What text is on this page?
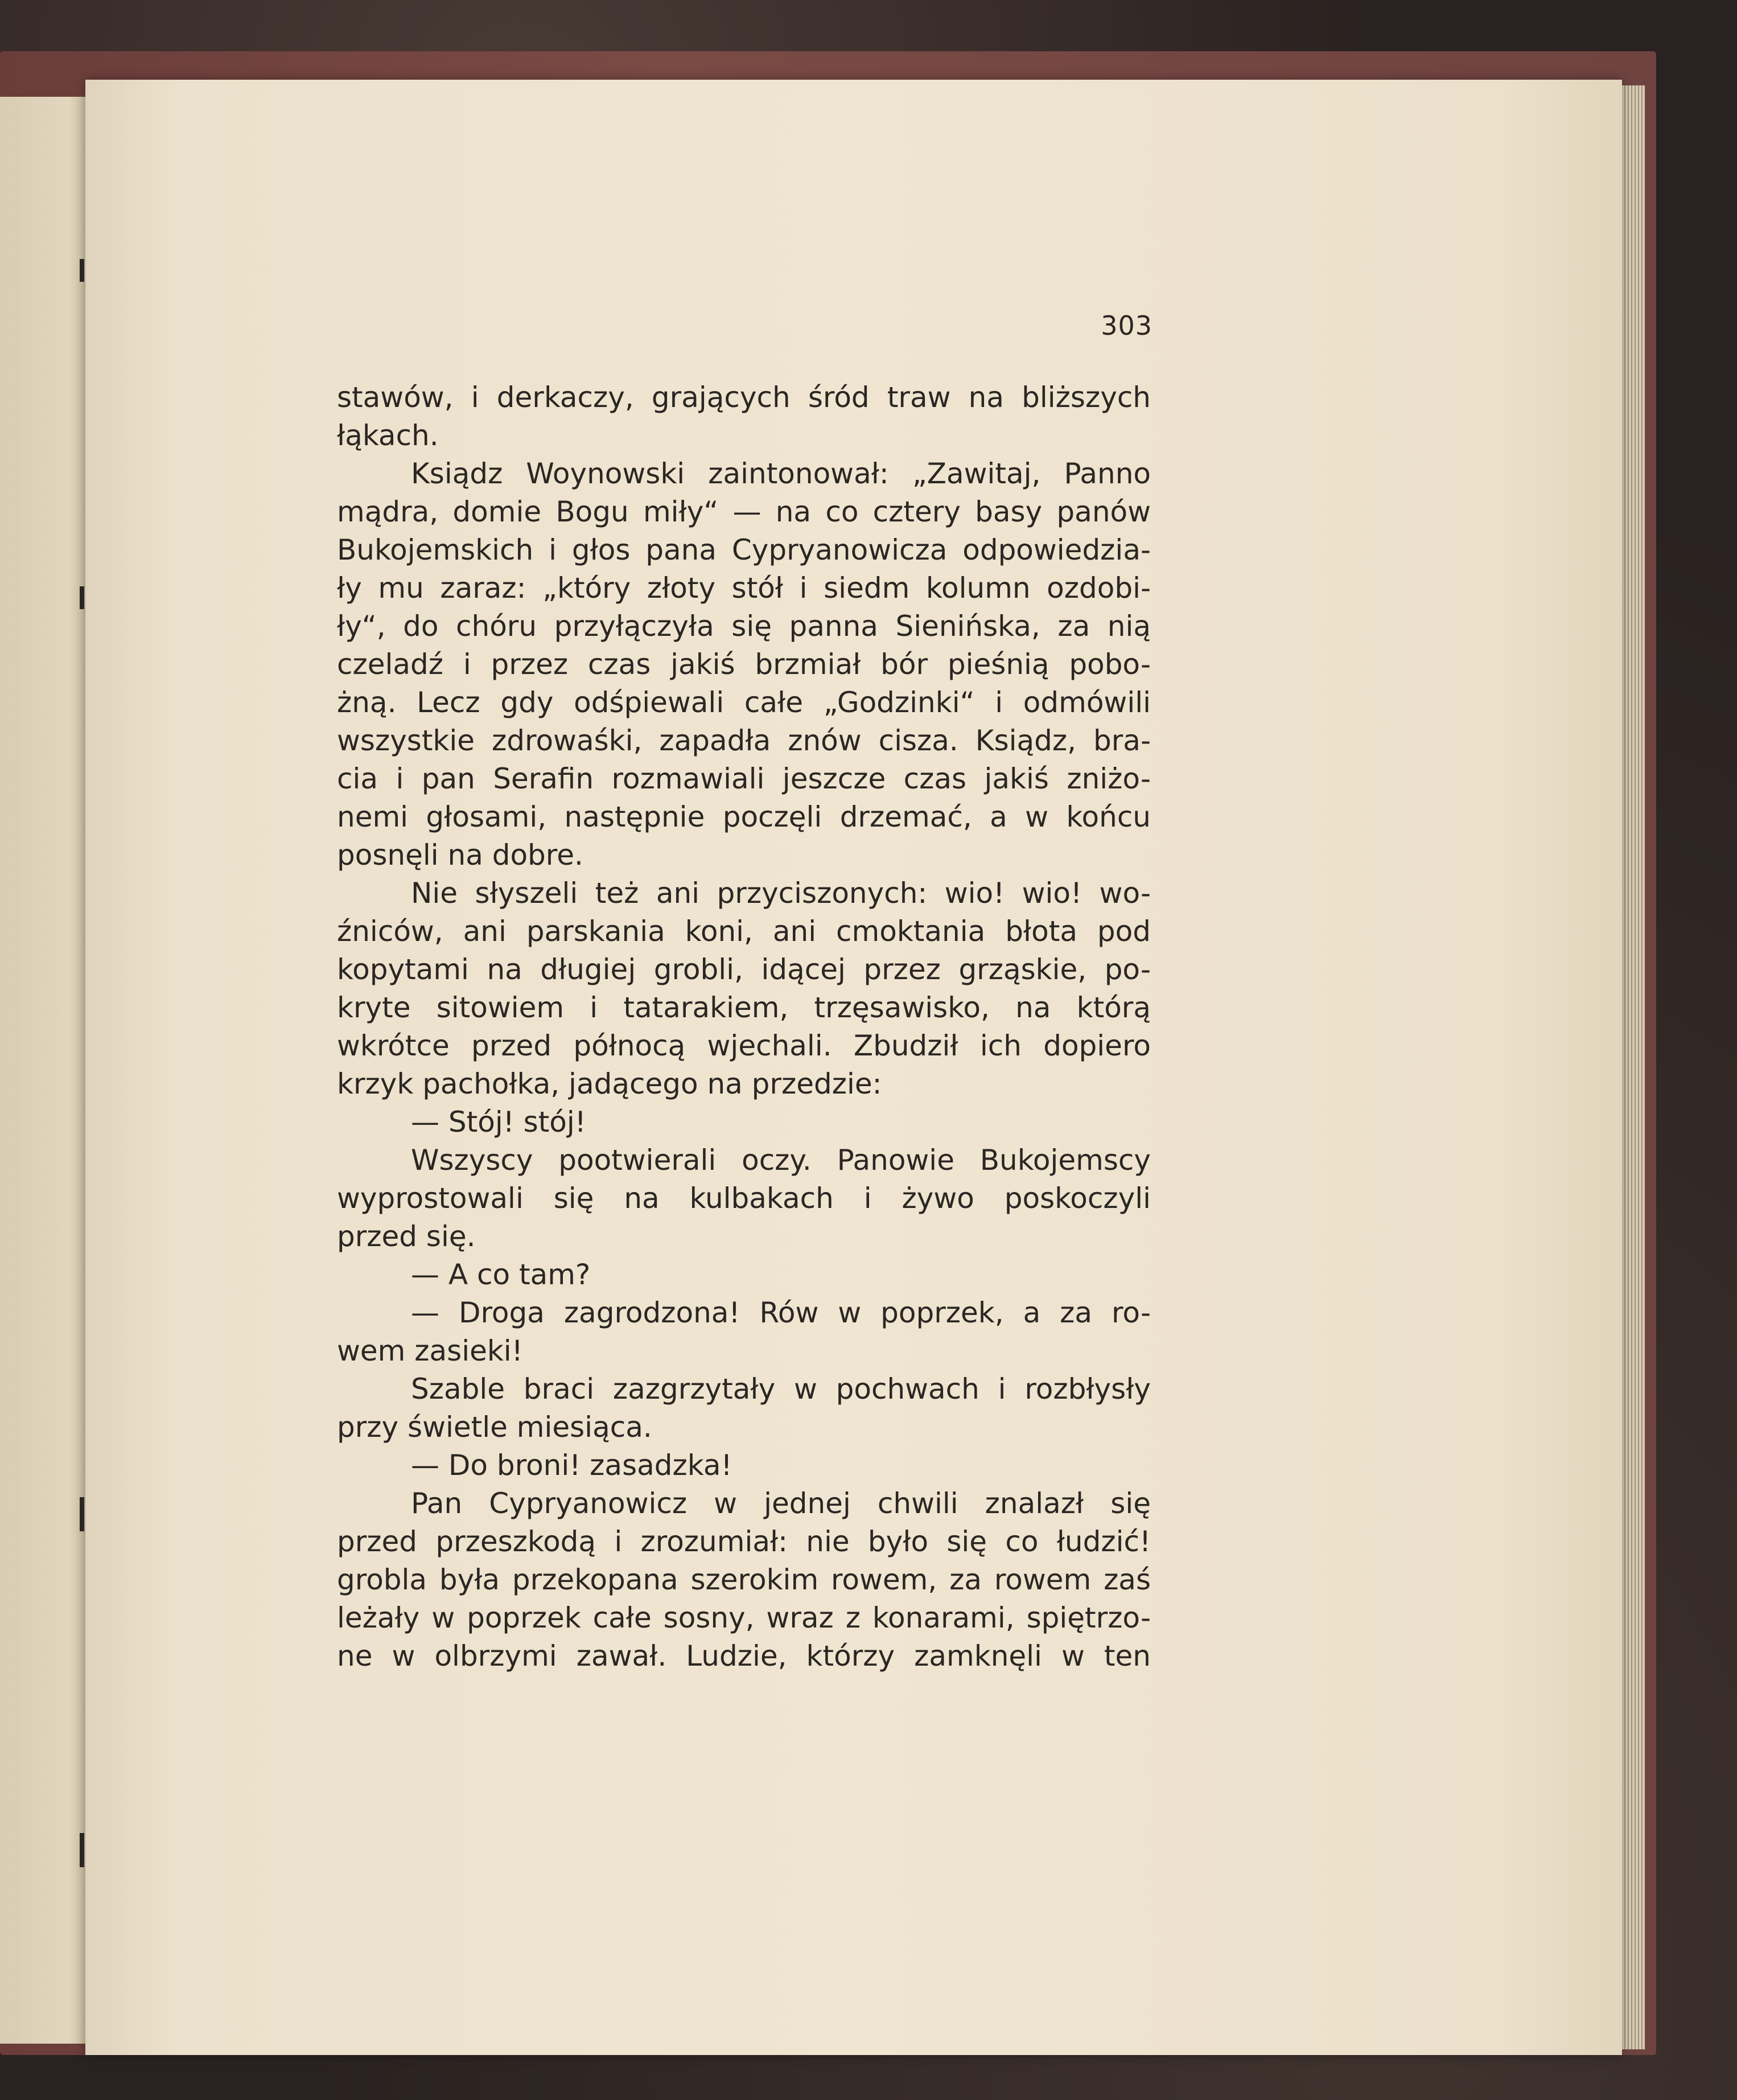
303
stawów, i derkaczy, grających śród traw na bliższych
łąkach.
Ksiądz Woynowski zaintonował: „Zawitaj, Panno
mądra, domie Bogu miły“ — na co cztery basy panów
Bukojemskich i głos pana Cypryanowicza odpowiedzia-
ły mu zaraz: „który złoty stół i siedm kolumn ozdobi-
ły“, do chóru przyłączyła się panna Sienińska, za nią
czeladź i przez czas jakiś brzmiał bór pieśnią pobo-
żną. Lecz gdy odśpiewali całe „Godzinki“ i odmówili
wszystkie zdrowaśki, zapadła znów cisza. Ksiądz, bra-
cia i pan Serafin rozmawiali jeszcze czas jakiś zniżo-
nemi głosami, następnie poczęli drzemać, a w końcu
posnęli na dobre.
Nie słyszeli też ani przyciszonych: wio! wio! wo-
źniców, ani parskania koni, ani cmoktania błota pod
kopytami na długiej grobli, idącej przez grząskie, po-
kryte sitowiem i tatarakiem, trzęsawisko, na którą
wkrótce przed północą wjechali. Zbudził ich dopiero
krzyk pachołka, jadącego na przedzie:
— Stój! stój!
Wszyscy pootwierali oczy. Panowie Bukojemscy
wyprostowali się na kulbakach i żywo poskoczyli
przed się.
— A co tam?
— Droga zagrodzona! Rów w poprzek, a za ro-
wem zasieki!
Szable braci zazgrzytały w pochwach i rozbłysły
przy świetle miesiąca.
— Do broni! zasadzka!
Pan Cypryanowicz w jednej chwili znalazł się
przed przeszkodą i zrozumiał: nie było się co łudzić!
grobla była przekopana szerokim rowem, za rowem zaś
leżały w poprzek całe sosny, wraz z konarami, spiętrzo-
ne w olbrzymi zawał. Ludzie, którzy zamknęli w ten
